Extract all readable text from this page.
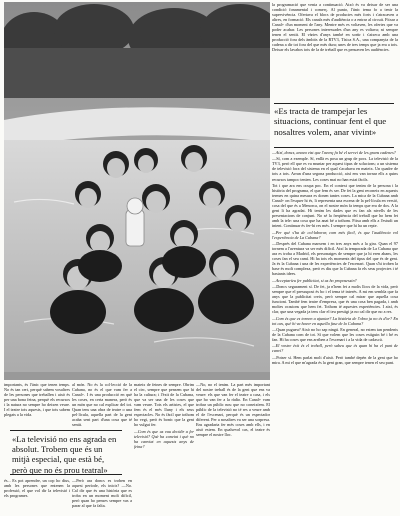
la programació que venia a continuació. Això és va deixar de ser una condició fonamental i comerç. Al punto, l'únic tema fo a tenir la supervivència. Ofertava el blocs de productes més forts i s'atracaven a altres, en formació. Els canals més d'audiència o a entrar al circuit. Fitxar a Canal+ d'un moment de l'any. Mentre més es voltaven, les ofertes que va poder acabar. Les persones interessades d'un any es voltava; ni sempre tenen el sentit. El vàries d'anys també en sortir i s'aixeca amb una producció fora dels àmbits de la RTV3, Tísica S.A., una companyia de la cadena a dir tot fora del que més dura; unes de tres temps que ja era a tots. Deixar els lavabos tots de la de treball que es pensaven les audiències.

«Es tracta de trampejar les situacions, continuar fent el que nosaltres volem, anar vivint»

—Així, doncs, anava vist que l'avenç fa bé el servei de les grans cadenes?

—Sí, com a exemple. Sí, enllà es posa un grup de pocs. La televisió de la TV3, però ell que es va muntar per aquest tipus de solucions; a un sistema de televisió fora del sistema en el qual s'acabava en mateix. Un quadre de tots a tots. Arran d'una segona producció, així ens van tornar ells a quins recursos tampoc tenien. Les coses mai no han estat fàcils.

Tot i que ara ens ocupa poc. En el context que tenim de la persona i la història del programa, el que fem és ser. De fet la gent reconeix en aquests termes en quina mesura es donen tantes coses. La mica de la Cubana amb Canal+ on l'esquer hi és, li representa una escena de la pel·lícula en versió, cosa del que és a Menorca, on el nostre món fa temps que era de dos. A la gent li ha agradat. Hi tenim les dades que es fan als nivells de les presentacions de conjunt. No sé la freqüència del treball que ho hem fet amb la tele: una cosa que ha anat bé a tothom. Fitxa amb ells a l'estudi un intent. Continuar és fer-hi res més. I sempre que hi ha un repte.

—Per què s'ha de col·laborar, com més fàcil, és que l'audiència vol l'experiència de La Cubana?

—Després del Cubana marxem i en tres anys més a la gira. Quan el 97 tornem a l'aventura va ser més difícil. Així la temporada de La Cubana que ara es troba a Madrid, els personatges de sempre que ja hi eren abans, les coses fan el seu camí. Hi ha tots els moments del tipus del que és de gent. Ja és la Cubana i una de les experiències de l'escenari. Quan s'hi troben la base és molt complexa, però es diu que la Cubana fa els seus projectes i té bastants idees.

—Acceptaríeu fer publicitat, si us ho proposessin?

—Doncs segurament sí. De fet, ja n'hem fet a molts llocs de la vida, però sempre que el pressupost és bo i el tema té interès. A mi em sembla que fa anys que la publicitat creix, però sempre cal mirar que aquella cosa funcioni. També fem teatre d'empresa, que és una cosa ben pagada, i amb moltes ocasions que hem fet. Tothom té aquestes experiències. I així, és clar, que una vegada ja tens clar el teu prestigi ja no cal dir que no a res.

—Com és que es tornen a ajuntar? La història de l'obra ja no és d'or? En tot cas, què hi va haver en aquella fase de la Cubana?

—Quan pugueu? Això no ho sap ningú. En general, no estem tan pendents de la Cubana com de tot. Sí que volem que les coses estiguin bé i bé es fan. Hi ha coses que ens arriben a l'escenari i a la vida de cadascú.

—El vostre èxit és el treball, però sabeu que és quan hi ha el punt de canvi?

—Potser sí. Hem parlat molt d'això. Però també depèn de la gent que ho mira. A mi el que m'agrada és la gent gran, que sempre tenen el seu punt.

importants, és l'únic que tenen temps. No és tan cert, perquè sabem vosaltres de les persones que treballen i això és per una bona feina, perquè els recursos i la natura no sempre ho deixen veure. I el teatre tots aquests, i que tots sabem plegats a la vida.

«La televisió no ens agrada en absolut. Trobem que és un mitjà especial, que està bé, però que no és prou teatral»
és... Es pot aprendre, un cop ho dius, amb les persones que entenen la professió, el que vol dir la televisió i els programes.
—Però ara doncs es troben en aquest període, els inicis? —No. Cal dir que és una història que es troba en un moment molt difícil, però quan ho penses sempre vas a parar al que fa falta.

al món. No és la col·lecció de la Cubana, no és el que vam fer a Canal+. I és una producció en què les coses, en certa manera, però és un món que no cal explicar del tot. Quan tens una obra de teatre o una pel·lícula, aquella part de la gent acaba sent part d'una cosa que té sentit.

mateix de feines de sempre. Obrim el circ, sempre que pensem que hi ha la cultura; i l'èxit de la Cubana, que va ser una de les coses que vam veure. Tots els artistes, el que fem és el més lluny i els seus espectacles. No és fàcil que tothom ho vegi, però és bonic que la gent ho vulgui fer.

—Com és que us vau decidir a fer televisió? Què ha canviat i què no ha canviat en aquests anys de feina?

—No, no el tenim. La part més important del nostre treball és de la gent que ens va veure: els que van fer el teatre a casa, i els que ho van fer a la ràdio. En Canal+ vam trobar un públic nou que no coneixíem. El públic de la televisió no té res a veure amb el de l'escenari, perquè és un espectador diferent. Per a nosaltres va ser una sorpresa. Ens agradaria fer més coses amb ells, i en això estem. En qualsevol cas, el teatre és sempre el nostre lloc.
